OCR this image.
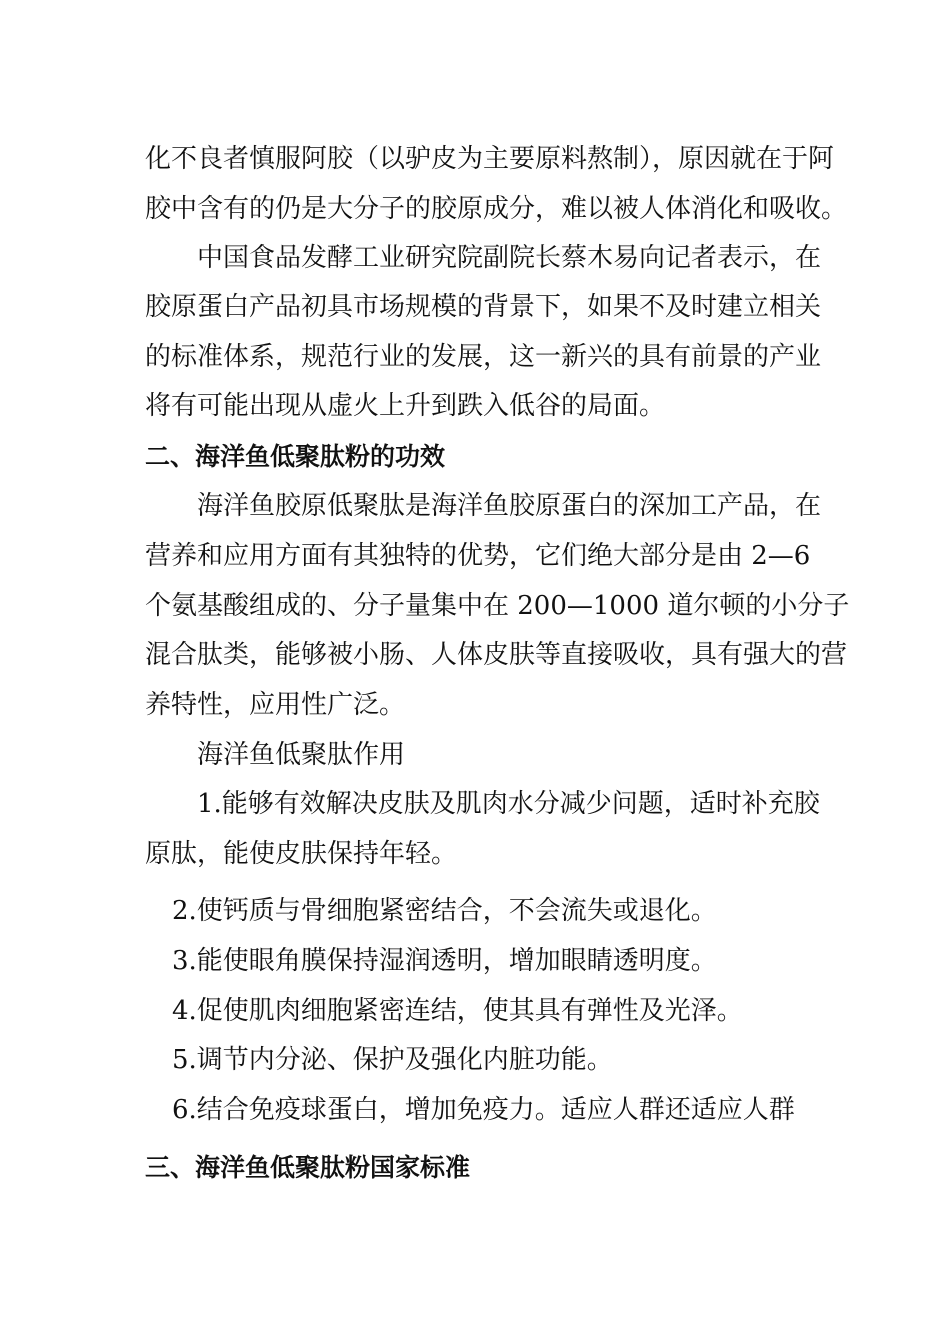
化不良者慎服阿胶（以驴皮为主要原料熬制），原因就在于阿
胶中含有的仍是大分子的胶原成分，难以被人体消化和吸收。
中国食品发酵工业研究院副院长蔡木易向记者表示，在
胶原蛋白产品初具市场规模的背景下，如果不及时建立相关
的标准体系，规范行业的发展，这一新兴的具有前景的产业
将有可能出现从虚火上升到跌入低谷的局面。
二、海洋鱼低聚肽粉的功效
海洋鱼胶原低聚肽是海洋鱼胶原蛋白的深加工产品，在
营养和应用方面有其独特的优势，它们绝大部分是由 2—6
个氨基酸组成的、分子量集中在 200—1000 道尔顿的小分子
混合肽类，能够被小肠、人体皮肤等直接吸收，具有强大的营
养特性，应用性广泛。
海洋鱼低聚肽作用
1.能够有效解决皮肤及肌肉水分减少问题，适时补充胶
原肽，能使皮肤保持年轻。
2.使钙质与骨细胞紧密结合，不会流失或退化。
3.能使眼角膜保持湿润透明，增加眼睛透明度。
4.促使肌肉细胞紧密连结，使其具有弹性及光泽。
5.调节内分泌、保护及强化内脏功能。
6.结合免疫球蛋白，增加免疫力。适应人群还适应人群
三、海洋鱼低聚肽粉国家标准
